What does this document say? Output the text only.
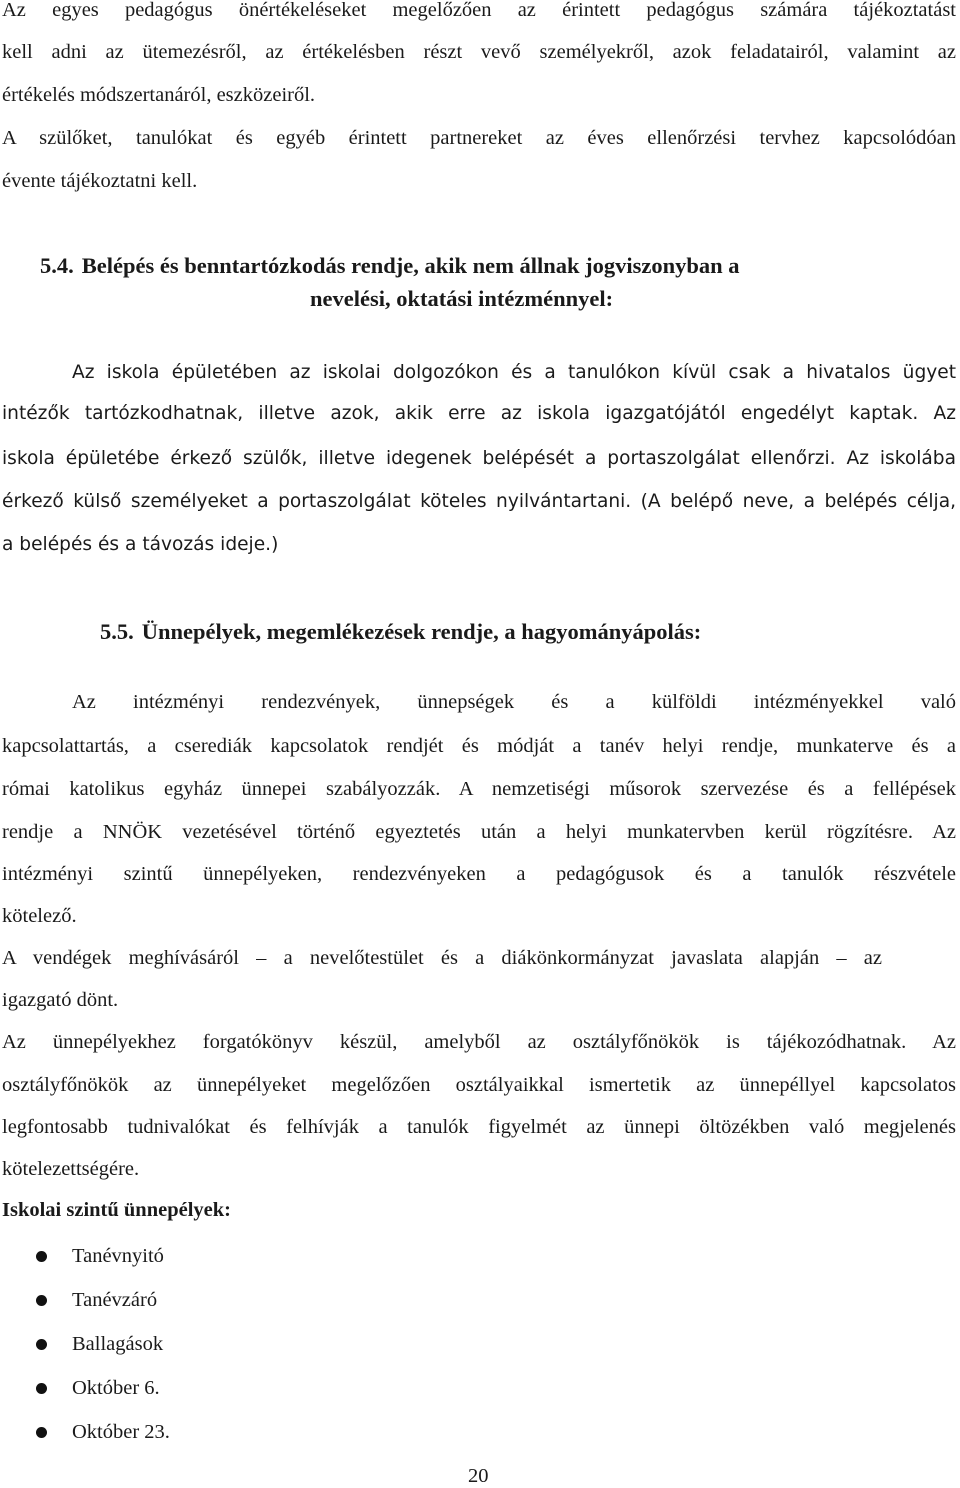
Az egyes pedagógus önértékeléseket megelőzően az érintett pedagógus számára tájékoztatást
kell adni az ütemezésről, az értékelésben részt vevő személyekről, azok feladatairól, valamint az
értékelés módszertanáról, eszközeiről.
A szülőket, tanulókat és egyéb érintett partnereket az éves ellenőrzési tervhez kapcsolódóan
évente tájékoztatni kell.
5.4. Belépés és benntartózkodás rendje, akik nem állnak jogviszonyban a
nevelési, oktatási intézménnyel:
Az iskola épületében az iskolai dolgozókon és a tanulókon kívül csak a hivatalos ügyet
intézők tartózkodhatnak, illetve azok, akik erre az iskola igazgatójától engedélyt kaptak. Az
iskola épületébe érkező szülők, illetve idegenek belépését a portaszolgálat ellenőrzi. Az iskolába
érkező külső személyeket a portaszolgálat köteles nyilvántartani. (A belépő neve, a belépés célja,
a belépés és a távozás ideje.)
5.5. Ünnepélyek, megemlékezések rendje, a hagyományápolás:
Az intézményi rendezvények, ünnepségek és a külföldi intézményekkel való
kapcsolattartás, a cserediák kapcsolatok rendjét és módját a tanév helyi rendje, munkaterve és a
római katolikus egyház ünnepei szabályozzák. A nemzetiségi műsorok szervezése és a fellépések
rendje a NNÖK vezetésével történő egyeztetés után a helyi munkatervben kerül rögzítésre. Az
intézményi szintű ünnepélyeken, rendezvényeken a pedagógusok és a tanulók részvétele
kötelező.
A vendégek meghívásáról – a nevelőtestület és a diákönkormányzat javaslata alapján – az
igazgató dönt.
Az ünnepélyekhez forgatókönyv készül, amelyből az osztályfőnökök is tájékozódhatnak. Az
osztályfőnökök az ünnepélyeket megelőzően osztályaikkal ismertetik az ünnepéllyel kapcsolatos
legfontosabb tudnivalókat és felhívják a tanulók figyelmét az ünnepi öltözékben való megjelenés
kötelezettségére.
Iskolai szintű ünnepélyek:
Tanévnyitó
Tanévzáró
Ballagások
Október 6.
Október 23.
20
